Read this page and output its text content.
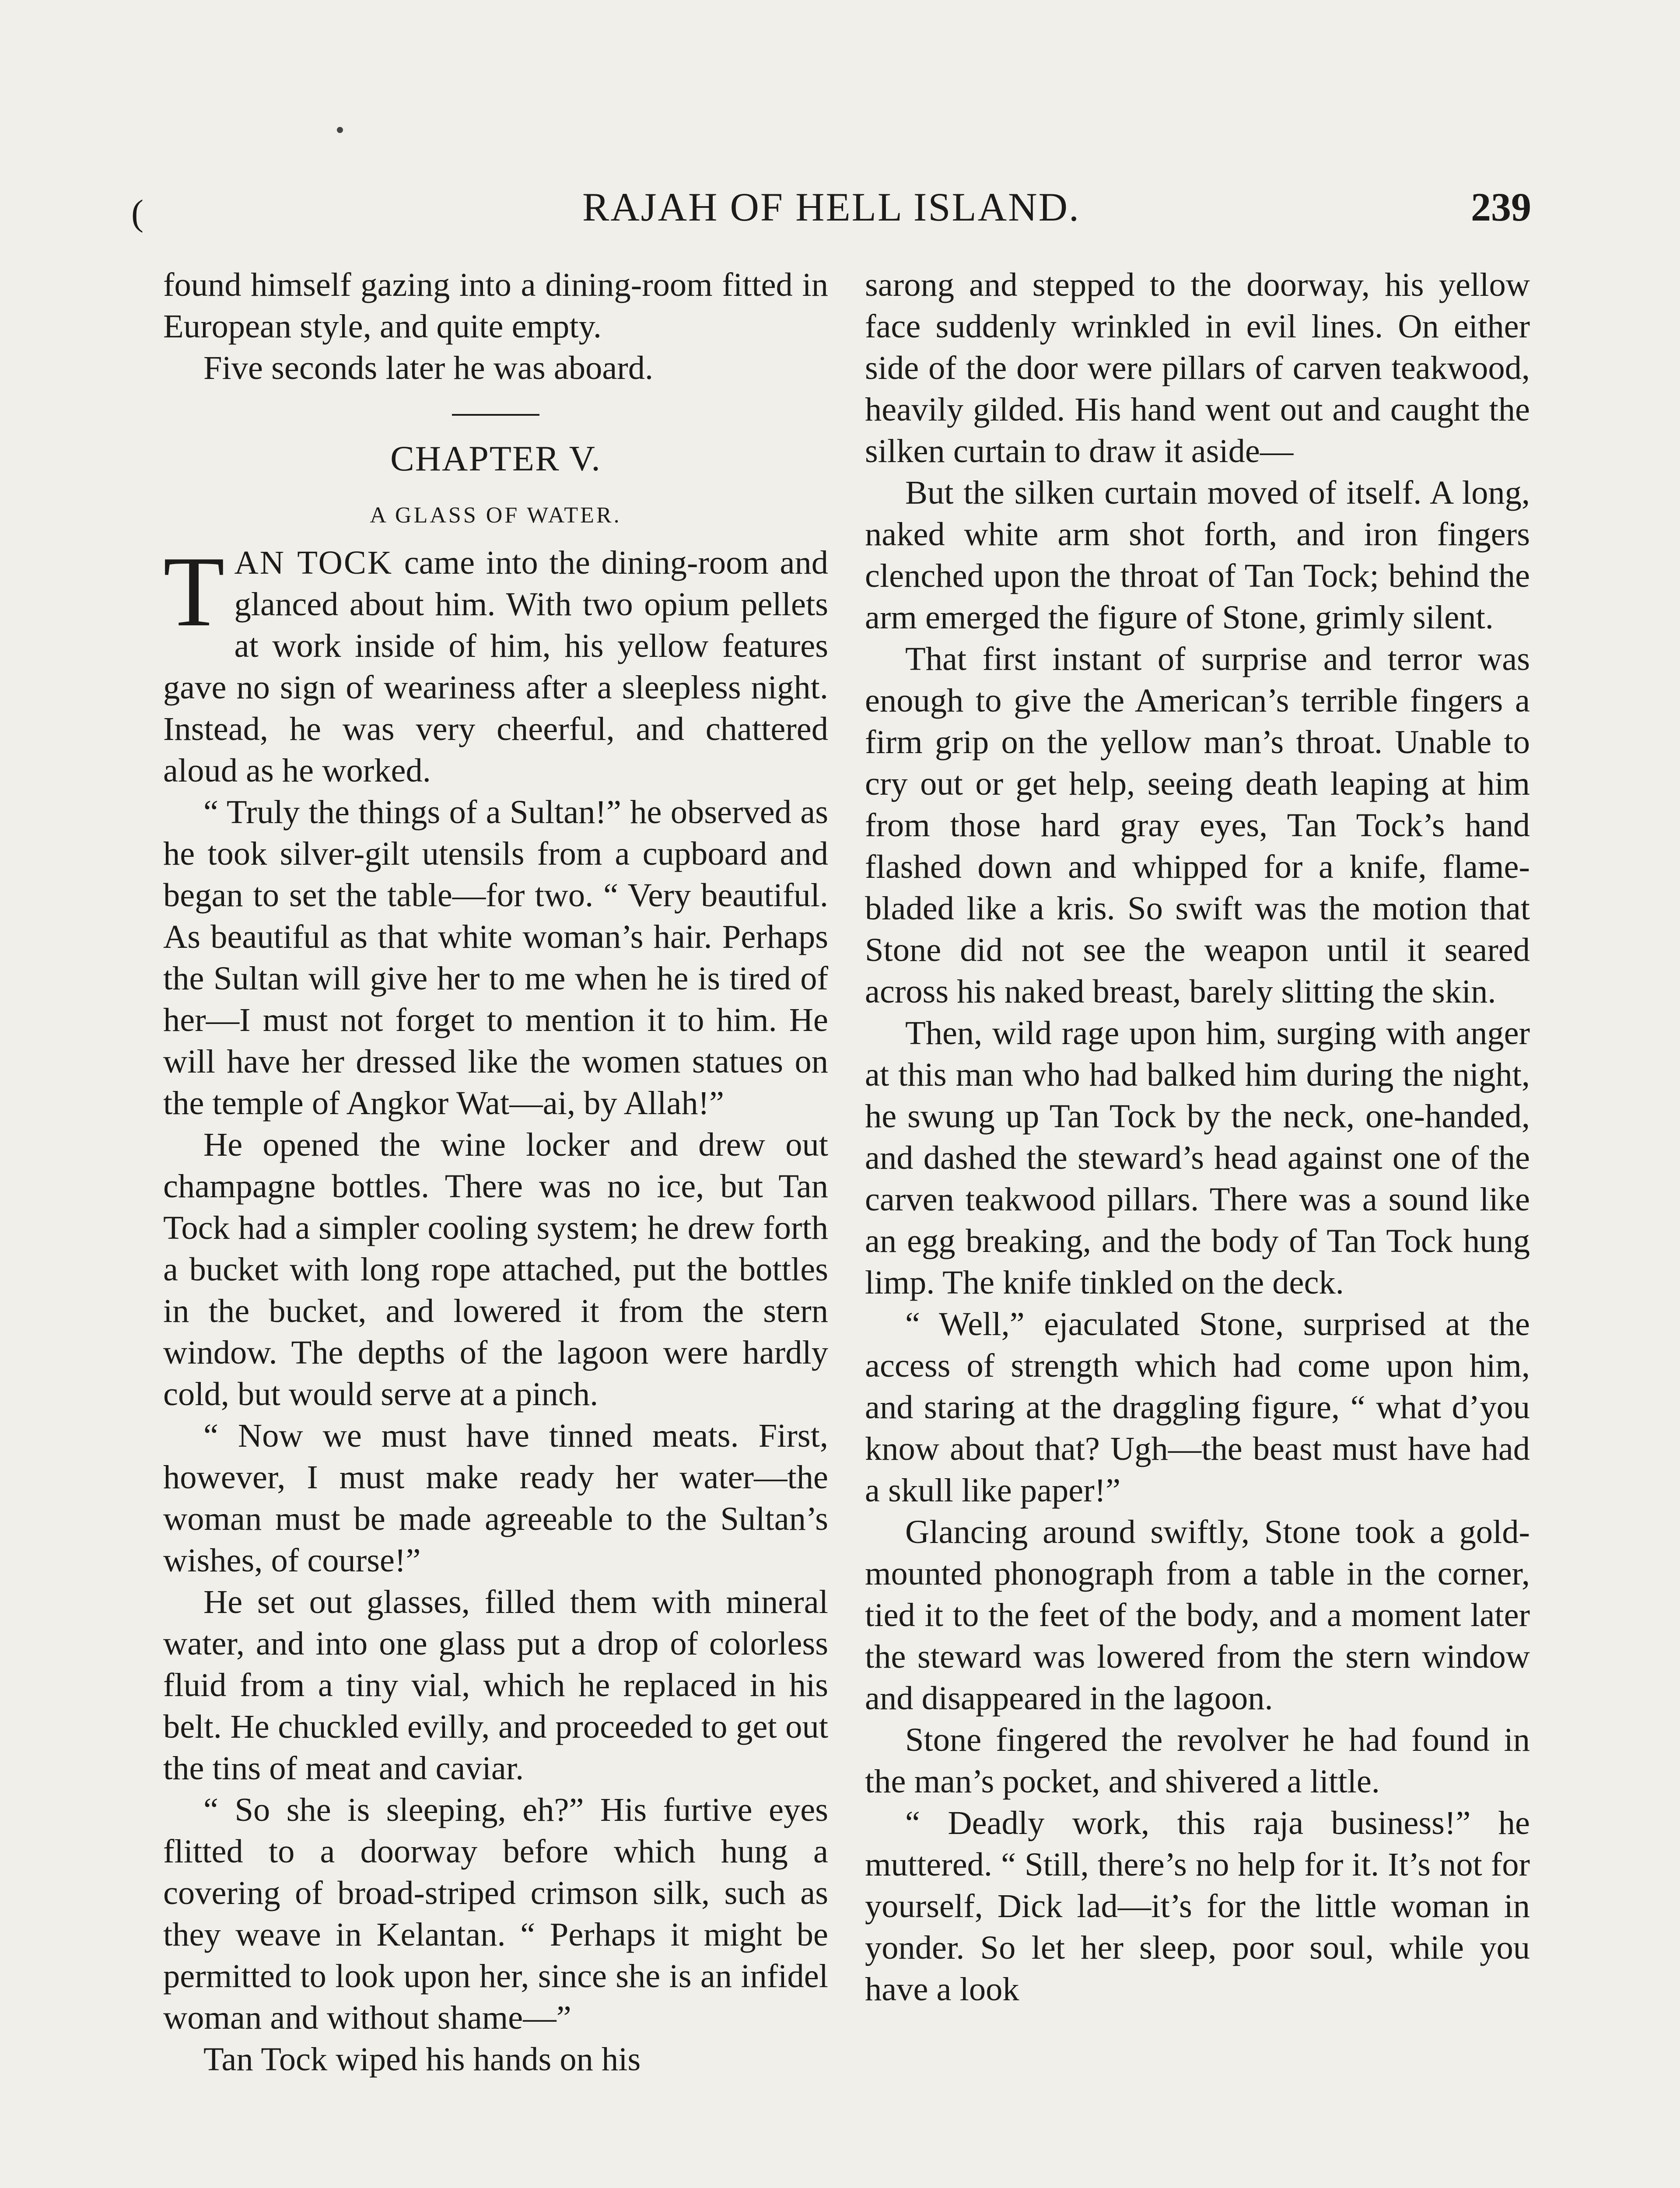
(	RAJAH OF HELL ISLAND.	239

found himself gazing into a dining-room fitted in European style, and quite empty.

Five seconds later he was aboard.

CHAPTER V.

A GLASS OF WATER.

TAN TOCK came into the dining-room and glanced about him. With two opium pellets at work inside of him, his yellow features gave no sign of weariness after a sleepless night. Instead, he was very cheerful, and chattered aloud as he worked.

“ Truly the things of a Sultan!” he observed as he took silver-gilt utensils from a cupboard and began to set the table—for two. “ Very beautiful. As beautiful as that white woman’s hair. Perhaps the Sultan will give her to me when he is tired of her—I must not forget to mention it to him. He will have her dressed like the women statues on the temple of Angkor Wat—ai, by Allah!”

He opened the wine locker and drew out champagne bottles. There was no ice, but Tan Tock had a simpler cooling system; he drew forth a bucket with long rope attached, put the bottles in the bucket, and lowered it from the stern window. The depths of the lagoon were hardly cold, but would serve at a pinch.

“ Now we must have tinned meats. First, however, I must make ready her water—the woman must be made agreeable to the Sultan’s wishes, of course!”

He set out glasses, filled them with mineral water, and into one glass put a drop of colorless fluid from a tiny vial, which he replaced in his belt. He chuckled evilly, and proceeded to get out the tins of meat and caviar.

“ So she is sleeping, eh?” His furtive eyes flitted to a doorway before which hung a covering of broad-striped crimson silk, such as they weave in Kelantan. “ Perhaps it might be permitted to look upon her, since she is an infidel woman and without shame—”

Tan Tock wiped his hands on his

sarong and stepped to the doorway, his yellow face suddenly wrinkled in evil lines. On either side of the door were pillars of carven teakwood, heavily gilded. His hand went out and caught the silken curtain to draw it aside—

But the silken curtain moved of itself. A long, naked white arm shot forth, and iron fingers clenched upon the throat of Tan Tock; behind the arm emerged the figure of Stone, grimly silent.

That first instant of surprise and terror was enough to give the American’s terrible fingers a firm grip on the yellow man’s throat. Unable to cry out or get help, seeing death leaping at him from those hard gray eyes, Tan Tock’s hand flashed down and whipped for a knife, flame-bladed like a kris. So swift was the motion that Stone did not see the weapon until it seared across his naked breast, barely slitting the skin.

Then, wild rage upon him, surging with anger at this man who had balked him during the night, he swung up Tan Tock by the neck, one-handed, and dashed the steward’s head against one of the carven teakwood pillars. There was a sound like an egg breaking, and the body of Tan Tock hung limp. The knife tinkled on the deck.

“ Well,” ejaculated Stone, surprised at the access of strength which had come upon him, and staring at the draggling figure, “ what d’you know about that? Ugh—the beast must have had a skull like paper!”

Glancing around swiftly, Stone took a gold-mounted phonograph from a table in the corner, tied it to the feet of the body, and a moment later the steward was lowered from the stern window and disappeared in the lagoon.

Stone fingered the revolver he had found in the man’s pocket, and shivered a little.

“ Deadly work, this raja business!” he muttered. “ Still, there’s no help for it. It’s not for yourself, Dick lad—it’s for the little woman in yonder. So let her sleep, poor soul, while you have a look
